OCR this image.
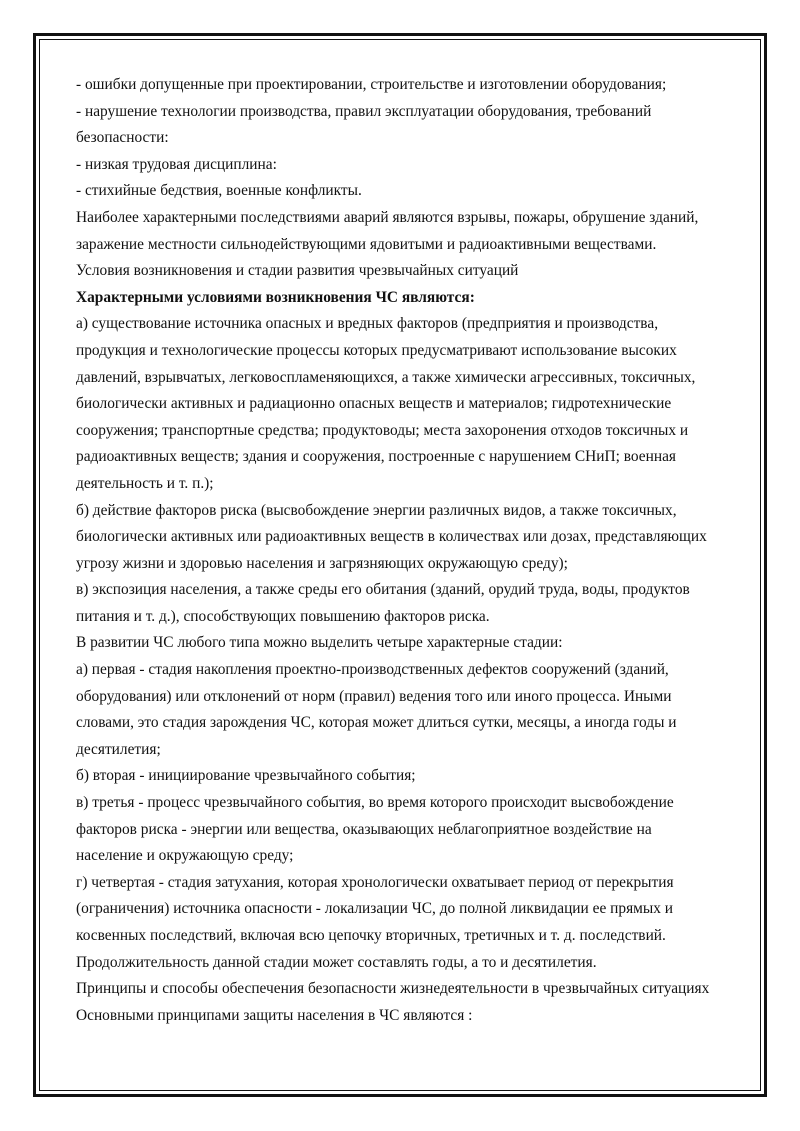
- ошибки допущенные при проектировании, строительстве и изготовлении оборудования;
- нарушение технологии производства, правил эксплуатации оборудования, требований
безопасности:
- низкая трудовая дисциплина:
- стихийные бедствия, военные конфликты.
Наиболее характерными последствиями аварий являются взрывы, пожары, обрушение зданий,
заражение местности сильнодействующими ядовитыми и радиоактивными веществами.
Условия возникновения и стадии развития чрезвычайных ситуаций
Характерными условиями возникновения ЧС являются:
а) существование источника опасных и вредных факторов (предприятия и производства,
продукция и технологические процессы которых предусматривают использование высоких
давлений, взрывчатых, легковоспламеняющихся, а также химически агрессивных, токсичных,
биологически активных и радиационно опасных веществ и материалов; гидротехнические
сооружения; транспортные средства; продуктоводы; места захоронения отходов токсичных и
радиоактивных веществ; здания и сооружения, построенные с нарушением СНиП; военная
деятельность и т. п.);
б) действие факторов риска (высвобождение энергии различных видов, а также токсичных,
биологически активных или радиоактивных веществ в количествах или дозах, представляющих
угрозу жизни и здоровью населения и загрязняющих окружающую среду);
в) экспозиция населения, а также среды его обитания (зданий, орудий труда, воды, продуктов
питания и т. д.), способствующих повышению факторов риска.
В развитии ЧС любого типа можно выделить четыре характерные стадии:
а) первая - стадия накопления проектно-производственных дефектов сооружений (зданий,
оборудования) или отклонений от норм (правил) ведения того или иного процесса. Иными
словами, это стадия зарождения ЧС, которая может длиться сутки, месяцы, а иногда годы и
десятилетия;
б) вторая - инициирование чрезвычайного события;
в) третья - процесс чрезвычайного события, во время которого происходит высвобождение
факторов риска - энергии или вещества, оказывающих неблагоприятное воздействие на
население и окружающую среду;
г) четвертая - стадия затухания, которая хронологически охватывает период от перекрытия
(ограничения) источника опасности - локализации ЧС, до полной ликвидации ее прямых и
косвенных последствий, включая всю цепочку вторичных, третичных и т. д. последствий.
Продолжительность данной стадии может составлять годы, а то и десятилетия.
Принципы и способы обеспечения безопасности жизнедеятельности в чрезвычайных ситуациях
Основными принципами защиты населения в ЧС являются :
